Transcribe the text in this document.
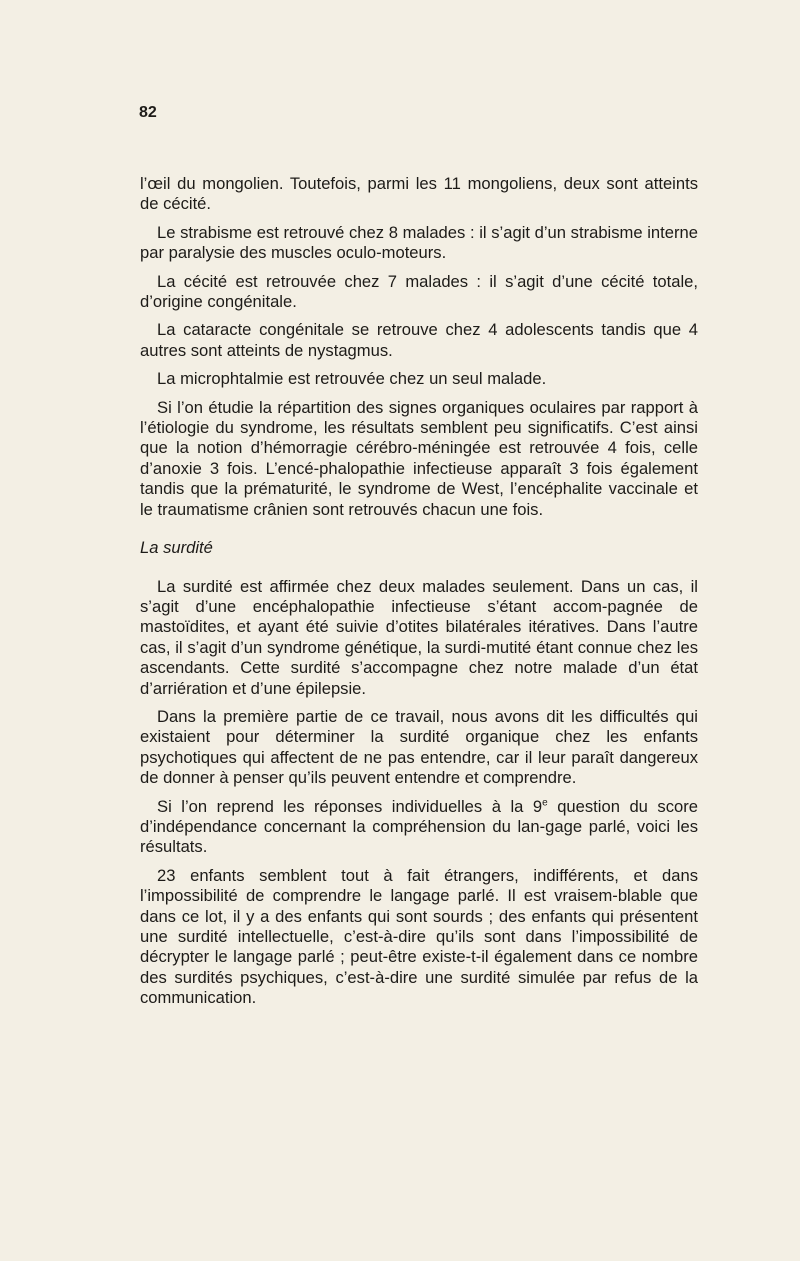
82

l’œil du mongolien. Toutefois, parmi les 11 mongoliens, deux sont atteints de cécité.

Le strabisme est retrouvé chez 8 malades : il s’agit d’un strabisme interne par paralysie des muscles oculo-moteurs.

La cécité est retrouvée chez 7 malades : il s’agit d’une cécité totale, d’origine congénitale.

La cataracte congénitale se retrouve chez 4 adolescents tandis que 4 autres sont atteints de nystagmus.

La microphtalmie est retrouvée chez un seul malade.

Si l’on étudie la répartition des signes organiques oculaires par rapport à l’étiologie du syndrome, les résultats semblent peu significatifs. C’est ainsi que la notion d’hémorragie cérébro-méningée est retrouvée 4 fois, celle d’anoxie 3 fois. L’encé-phalopathie infectieuse apparaît 3 fois également tandis que la prématurité, le syndrome de West, l’encéphalite vaccinale et le traumatisme crânien sont retrouvés chacun une fois.

La surdité

La surdité est affirmée chez deux malades seulement. Dans un cas, il s’agit d’une encéphalopathie infectieuse s’étant accom-pagnée de mastoïdites, et ayant été suivie d’otites bilatérales itératives. Dans l’autre cas, il s’agit d’un syndrome génétique, la surdi-mutité étant connue chez les ascendants. Cette surdité s’accompagne chez notre malade d’un état d’arriération et d’une épilepsie.

Dans la première partie de ce travail, nous avons dit les difficultés qui existaient pour déterminer la surdité organique chez les enfants psychotiques qui affectent de ne pas entendre, car il leur paraît dangereux de donner à penser qu’ils peuvent entendre et comprendre.

Si l’on reprend les réponses individuelles à la 9e question du score d’indépendance concernant la compréhension du lan-gage parlé, voici les résultats.

23 enfants semblent tout à fait étrangers, indifférents, et dans l’impossibilité de comprendre le langage parlé. Il est vraisem-blable que dans ce lot, il y a des enfants qui sont sourds ; des enfants qui présentent une surdité intellectuelle, c’est-à-dire qu’ils sont dans l’impossibilité de décrypter le langage parlé ; peut-être existe-t-il également dans ce nombre des surdités psychiques, c’est-à-dire une surdité simulée par refus de la communication.
